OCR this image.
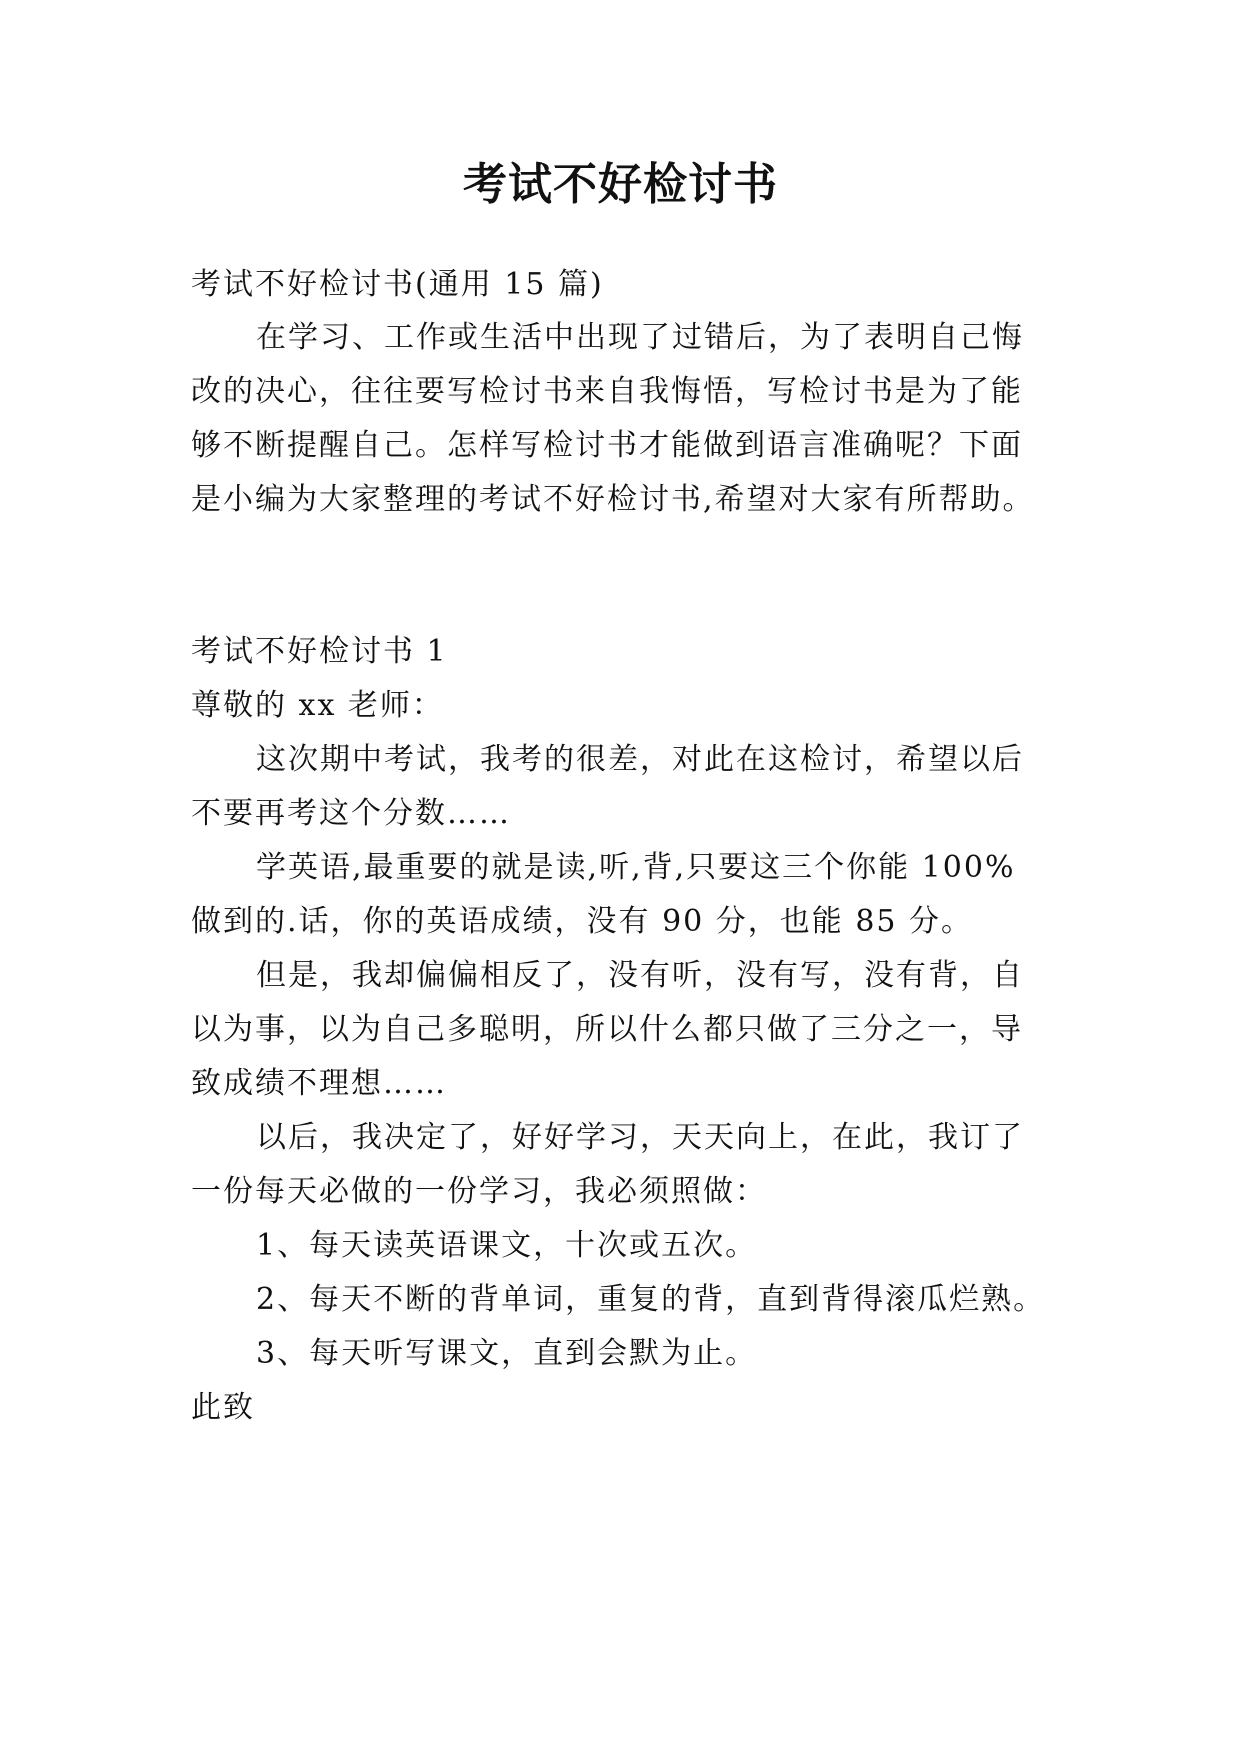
考试不好检讨书
考试不好检讨书(通用 15 篇)
在学习、工作或生活中出现了过错后，为了表明自己悔
改的决心，往往要写检讨书来自我悔悟，写检讨书是为了能
够不断提醒自己。怎样写检讨书才能做到语言准确呢？下面
是小编为大家整理的考试不好检讨书,希望对大家有所帮助。
考试不好检讨书 1
尊敬的 xx 老师：
这次期中考试，我考的很差，对此在这检讨，希望以后
不要再考这个分数……
学英语,最重要的就是读,听,背,只要这三个你能 100%
做到的.话，你的英语成绩，没有 90 分，也能 85 分。
但是，我却偏偏相反了，没有听，没有写，没有背，自
以为事，以为自己多聪明，所以什么都只做了三分之一，导
致成绩不理想……
以后，我决定了，好好学习，天天向上，在此，我订了
一份每天必做的一份学习，我必须照做：
1、每天读英语课文，十次或五次。
2、每天不断的背单词，重复的背，直到背得滚瓜烂熟。
3、每天听写课文，直到会默为止。
此致
